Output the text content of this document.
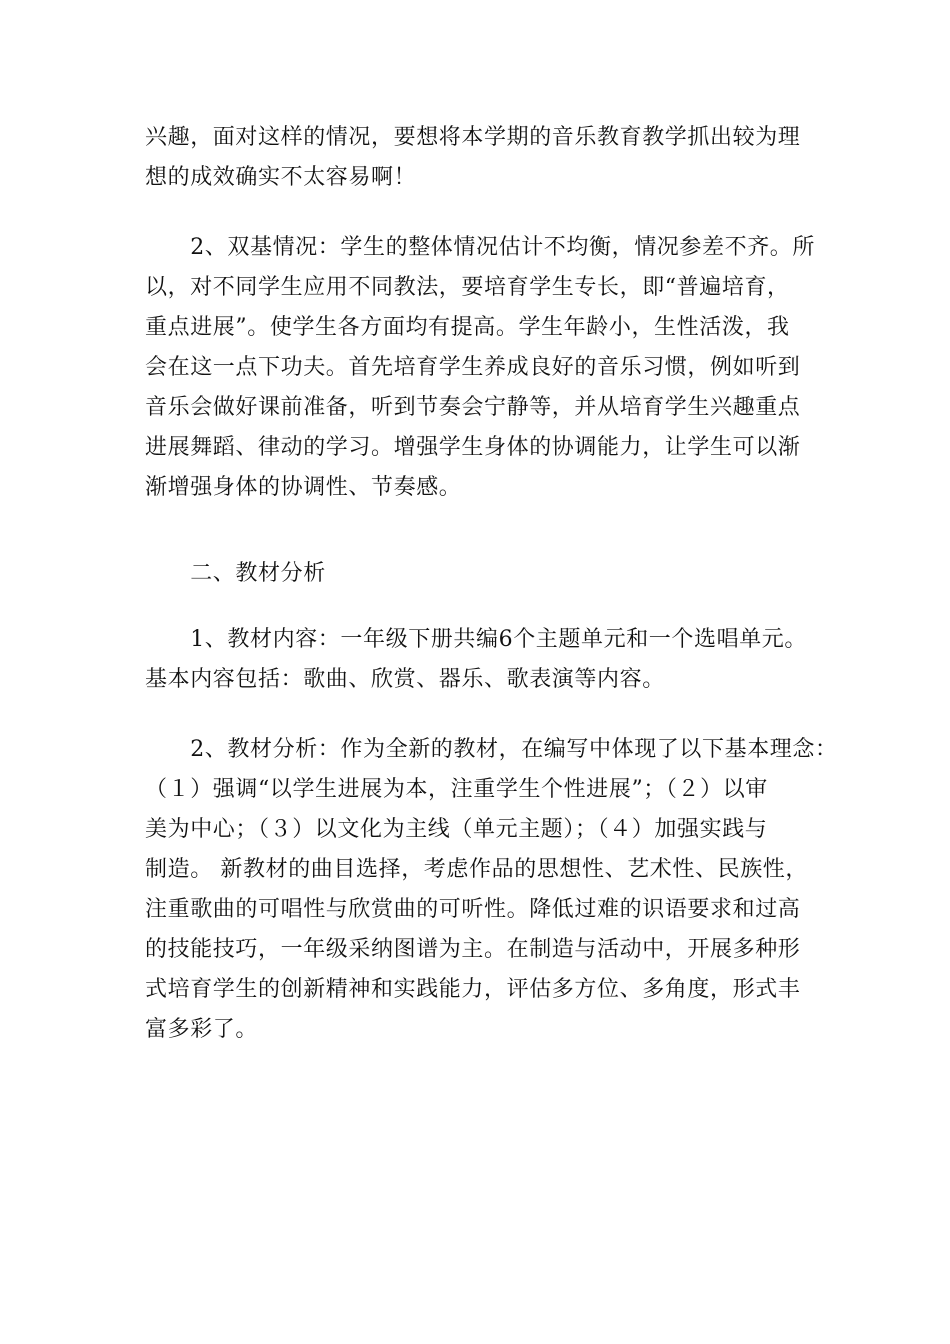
兴趣，面对这样的情况，要想将本学期的音乐教育教学抓出较为理
想的成效确实不太容易啊！
　　2、双基情况：学生的整体情况估计不均衡，情况参差不齐。所
以，对不同学生应用不同教法，要培育学生专长，即“普遍培育，
重点进展”。使学生各方面均有提高。学生年龄小，生性活泼，我
会在这一点下功夫。首先培育学生养成良好的音乐习惯，例如听到
音乐会做好课前准备，听到节奏会宁静等，并从培育学生兴趣重点
进展舞蹈、律动的学习。增强学生身体的协调能力，让学生可以渐
渐增强身体的协调性、节奏感。
　　二、教材分析
　　1、教材内容：一年级下册共编6个主题单元和一个选唱单元。
基本内容包括：歌曲、欣赏、器乐、歌表演等内容。
　　2、教材分析：作为全新的教材，在编写中体现了以下基本理念：
（１）强调“以学生进展为本，注重学生个性进展”；（２）以审
美为中心；（３）以文化为主线（单元主题）；（４）加强实践与
制造。 新教材的曲目选择，考虑作品的思想性、艺术性、民族性，
注重歌曲的可唱性与欣赏曲的可听性。降低过难的识语要求和过高
的技能技巧，一年级采纳图谱为主。在制造与活动中，开展多种形
式培育学生的创新精神和实践能力，评估多方位、多角度，形式丰
富多彩了。
